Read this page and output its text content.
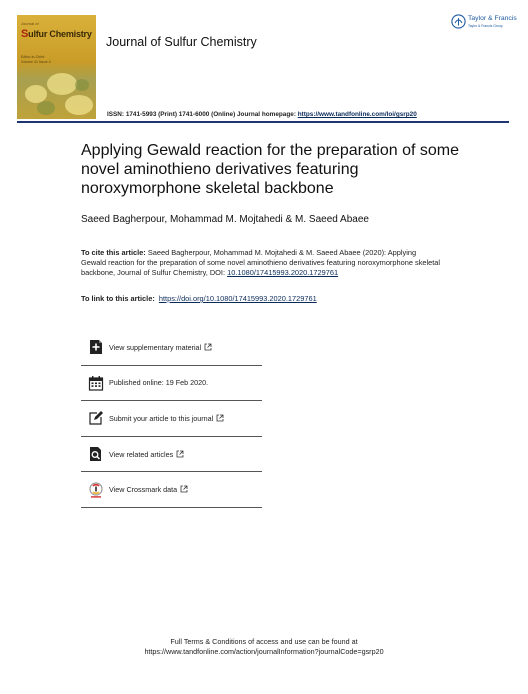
Journal of
Sulfur Chemistry
Editor-in-Chief:
Volume 41 Issue 4
Journal of Sulfur Chemistry
Taylor & Francis
Taylor & Francis Group
ISSN: 1741-5993 (Print) 1741-6000 (Online) Journal homepage: https://www.tandfonline.com/loi/gsrp20
Applying Gewald reaction for the preparation of some novel aminothieno derivatives featuring noroxymorphone skeletal backbone
Saeed Bagherpour, Mohammad M. Mojtahedi & M. Saeed Abaee
To cite this article: Saeed Bagherpour, Mohammad M. Mojtahedi & M. Saeed Abaee (2020): Applying Gewald reaction for the preparation of some novel aminothieno derivatives featuring noroxymorphone skeletal backbone, Journal of Sulfur Chemistry, DOI: 10.1080/17415993.2020.1729761
To link to this article: https://doi.org/10.1080/17415993.2020.1729761
View supplementary material
Published online: 19 Feb 2020.
Submit your article to this journal
View related articles
View Crossmark data
Full Terms & Conditions of access and use can be found at
https://www.tandfonline.com/action/journalInformation?journalCode=gsrp20
